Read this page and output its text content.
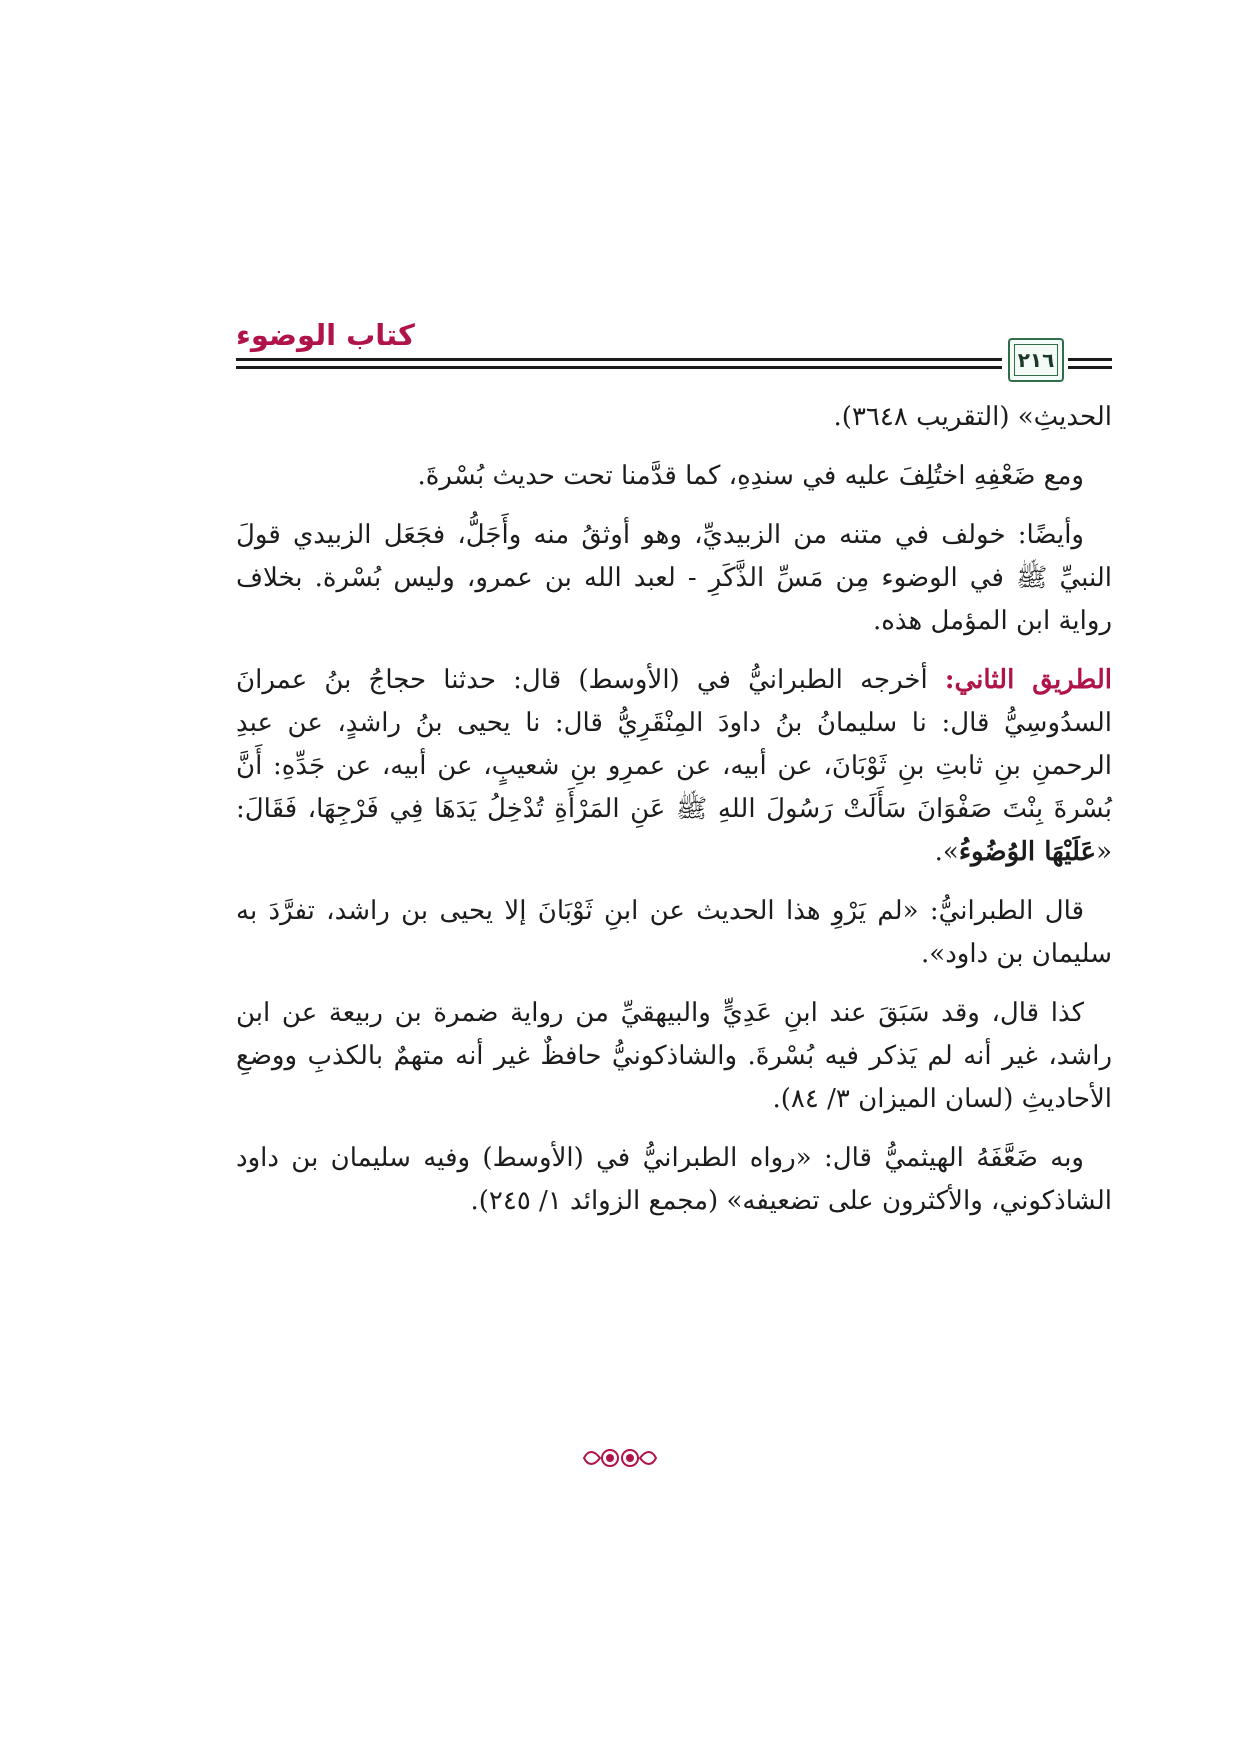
كتاب الوضوء
٢١٦

الحديثِ» (التقريب ٣٦٤٨).

ومع ضَعْفِهِ اختُلِفَ عليه في سندِهِ، كما قدَّمنا تحت حديث بُسْرةَ.

وأيضًا: خولف في متنه من الزبيديِّ، وهو أوثقُ منه وأَجَلُّ، فجَعَل الزبيدي قولَ النبيِّ ﷺ في الوضوء مِن مَسِّ الذَّكَرِ - لعبد الله بن عمرو، وليس بُسْرة. بخلاف رواية ابن المؤمل هذه.

الطريق الثاني: أخرجه الطبرانيُّ في (الأوسط) قال: حدثنا حجاجُ بنُ عمرانَ السدُوسِيُّ قال: نا سليمانُ بنُ داودَ المِنْقَرِيُّ قال: نا يحيى بنُ راشدٍ، عن عبدِ الرحمنِ بنِ ثابتِ بنِ ثَوْبَانَ، عن أبيه، عن عمرِو بنِ شعيبٍ، عن أبيه، عن جَدِّهِ: أَنَّ بُسْرةَ بِنْتَ صَفْوَانَ سَأَلَتْ رَسُولَ اللهِ ﷺ عَنِ المَرْأَةِ تُدْخِلُ يَدَهَا فِي فَرْجِهَا، فَقَالَ: «عَلَيْهَا الوُضُوءُ».

قال الطبرانيُّ: «لم يَرْوِ هذا الحديث عن ابنِ ثَوْبَانَ إلا يحيى بن راشد، تفرَّدَ به سليمان بن داود».

كذا قال، وقد سَبَقَ عند ابنِ عَدِيٍّ والبيهقيِّ من رواية ضمرة بن ربيعة عن ابن راشد، غير أنه لم يَذكر فيه بُسْرةَ. والشاذكونيُّ حافظٌ غير أنه متهمٌ بالكذبِ ووضعِ الأحاديثِ (لسان الميزان ٣/ ٨٤).

وبه ضَعَّفَهُ الهيثميُّ قال: «رواه الطبرانيُّ في (الأوسط) وفيه سليمان بن داود الشاذكوني، والأكثرون على تضعيفه» (مجمع الزوائد ١/ ٢٤٥).
